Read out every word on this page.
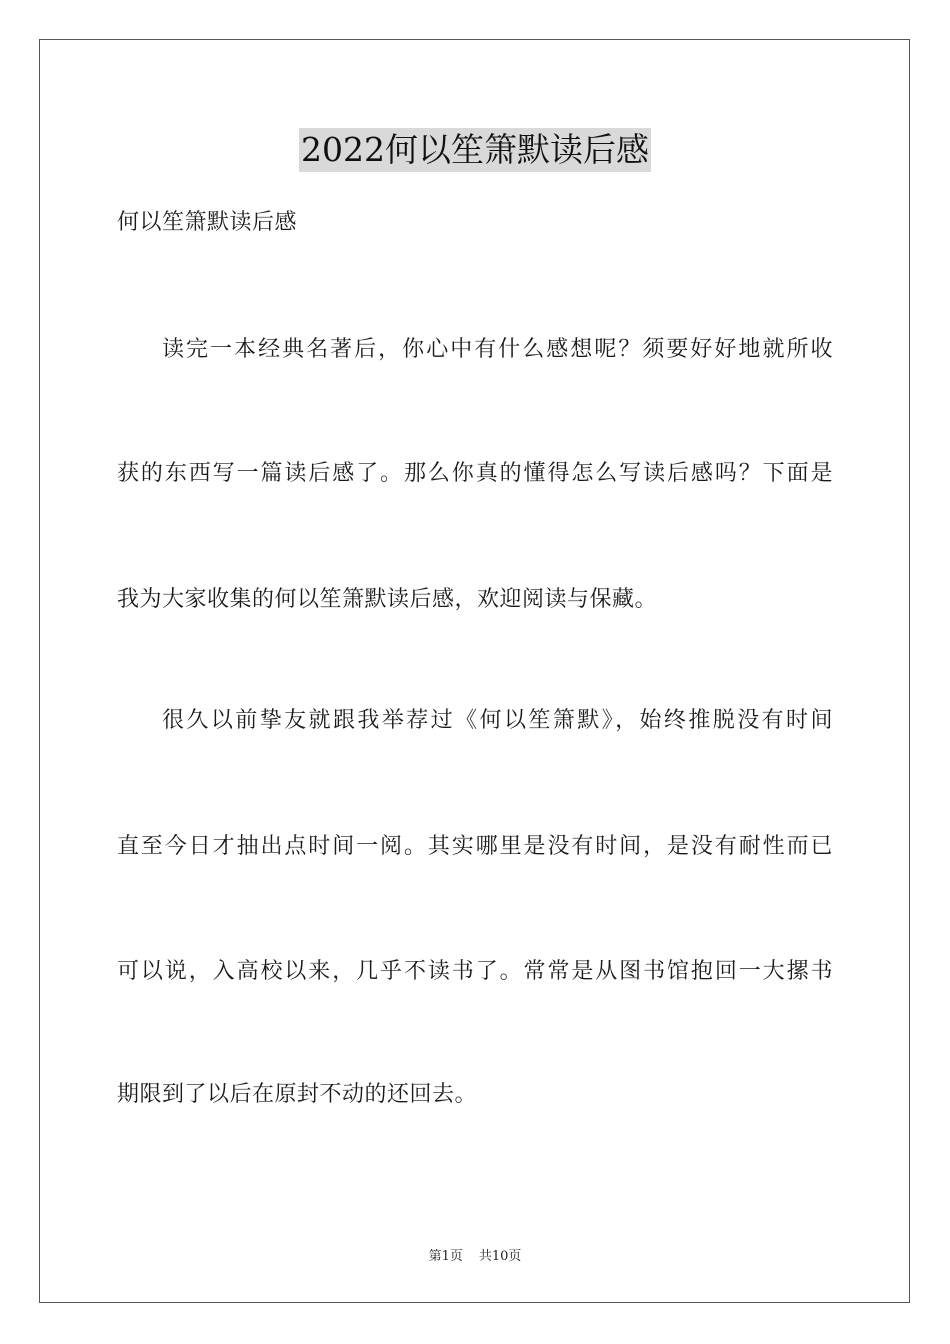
2022何以笙箫默读后感
何以笙箫默读后感
读完一本经典名著后，你心中有什么感想呢？须要好好地就所收
获的东西写一篇读后感了。那么你真的懂得怎么写读后感吗？下面是
我为大家收集的何以笙箫默读后感，欢迎阅读与保藏。
很久以前挚友就跟我举荐过《何以笙箫默》，始终推脱没有时间
直至今日才抽出点时间一阅。其实哪里是没有时间，是没有耐性而已
可以说，入高校以来，几乎不读书了。常常是从图书馆抱回一大摞书
期限到了以后在原封不动的还回去。
第1页 共10页
